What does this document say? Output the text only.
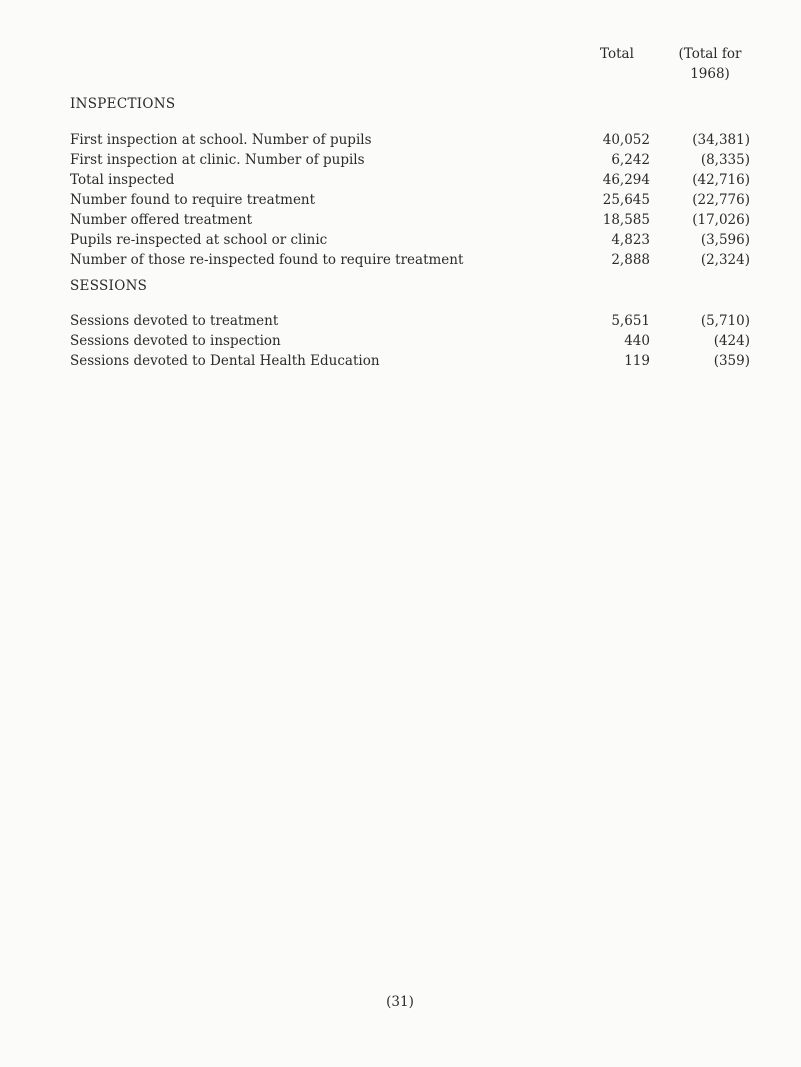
Total	(Total for
1968)
INSPECTIONS
First inspection at school. Number of pupils	40,052	(34,381)
First inspection at clinic. Number of pupils	6,242	(8,335)
Total inspected	46,294	(42,716)
Number found to require treatment	25,645	(22,776)
Number offered treatment	18,585	(17,026)
Pupils re-inspected at school or clinic	4,823	(3,596)
Number of those re-inspected found to require treatment	2,888	(2,324)
SESSIONS
Sessions devoted to treatment	5,651	(5,710)
Sessions devoted to inspection	440	(424)
Sessions devoted to Dental Health Education	119	(359)
(31)
